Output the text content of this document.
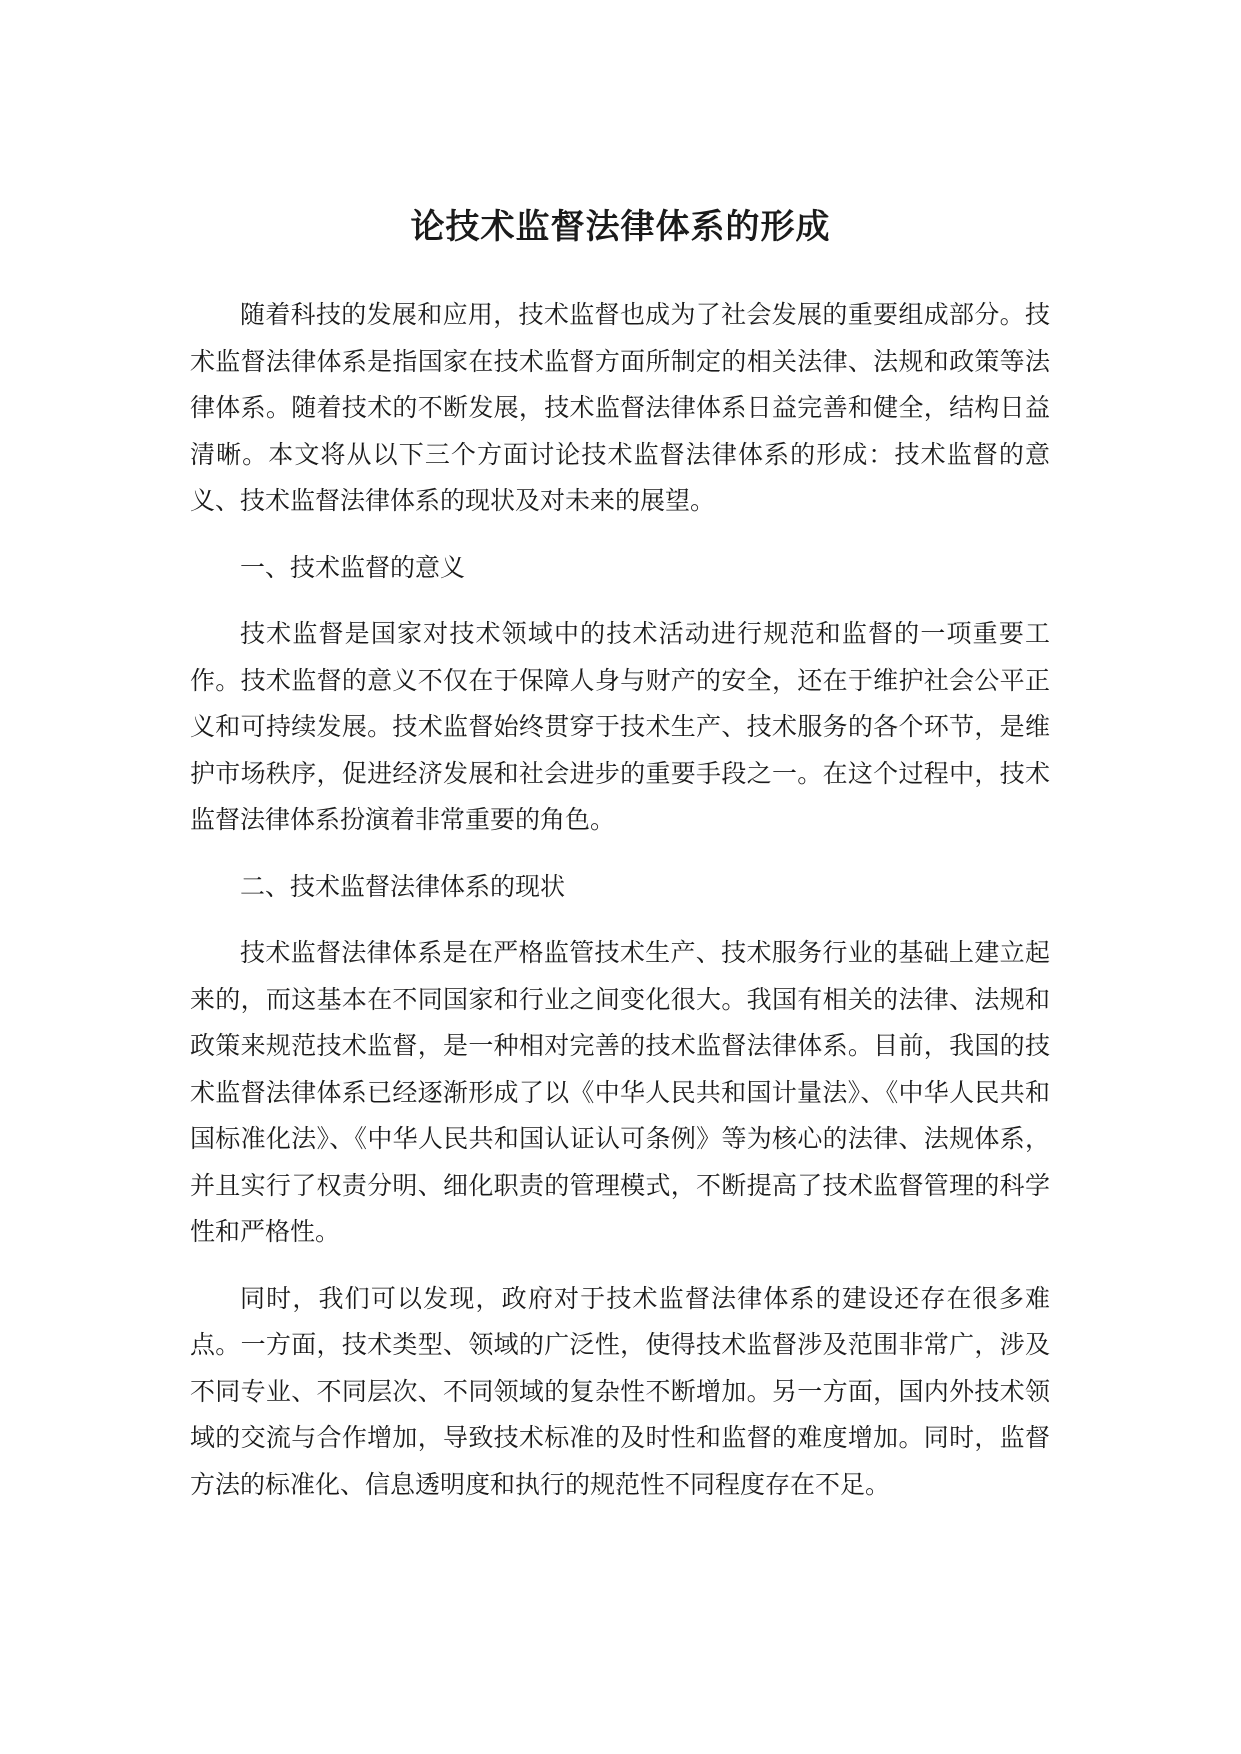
论技术监督法律体系的形成

随着科技的发展和应用，技术监督也成为了社会发展的重要组成部分。技术监督法律体系是指国家在技术监督方面所制定的相关法律、法规和政策等法律体系。随着技术的不断发展，技术监督法律体系日益完善和健全，结构日益清晰。本文将从以下三个方面讨论技术监督法律体系的形成：技术监督的意义、技术监督法律体系的现状及对未来的展望。

一、技术监督的意义

技术监督是国家对技术领域中的技术活动进行规范和监督的一项重要工作。技术监督的意义不仅在于保障人身与财产的安全，还在于维护社会公平正义和可持续发展。技术监督始终贯穿于技术生产、技术服务的各个环节，是维护市场秩序，促进经济发展和社会进步的重要手段之一。在这个过程中，技术监督法律体系扮演着非常重要的角色。

二、技术监督法律体系的现状

技术监督法律体系是在严格监管技术生产、技术服务行业的基础上建立起来的，而这基本在不同国家和行业之间变化很大。我国有相关的法律、法规和政策来规范技术监督，是一种相对完善的技术监督法律体系。目前，我国的技术监督法律体系已经逐渐形成了以《中华人民共和国计量法》、《中华人民共和国标准化法》、《中华人民共和国认证认可条例》等为核心的法律、法规体系，并且实行了权责分明、细化职责的管理模式，不断提高了技术监督管理的科学性和严格性。

同时，我们可以发现，政府对于技术监督法律体系的建设还存在很多难点。一方面，技术类型、领域的广泛性，使得技术监督涉及范围非常广，涉及不同专业、不同层次、不同领域的复杂性不断增加。另一方面，国内外技术领域的交流与合作增加，导致技术标准的及时性和监督的难度增加。同时，监督方法的标准化、信息透明度和执行的规范性不同程度存在不足。
